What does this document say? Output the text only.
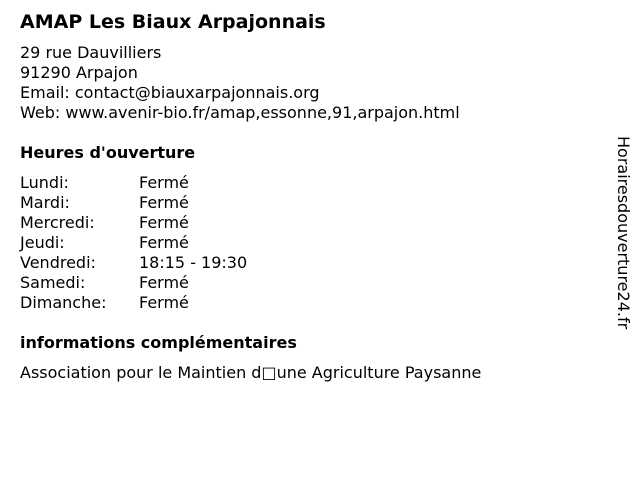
AMAP Les Biaux Arpajonnais
29 rue Dauvilliers
91290 Arpajon
Email: contact@biauxarpajonnais.org
Web: www.avenir-bio.fr/amap,essonne,91,arpajon.html
Heures d'ouverture
Lundi:	Fermé
Mardi:	Fermé
Mercredi:	Fermé
Jeudi:	Fermé
Vendredi:	18:15 - 19:30
Samedi:	Fermé
Dimanche:	Fermé
informations complémentaires
Association pour le Maintien d□une Agriculture Paysanne
Horairesdouverture24.fr
